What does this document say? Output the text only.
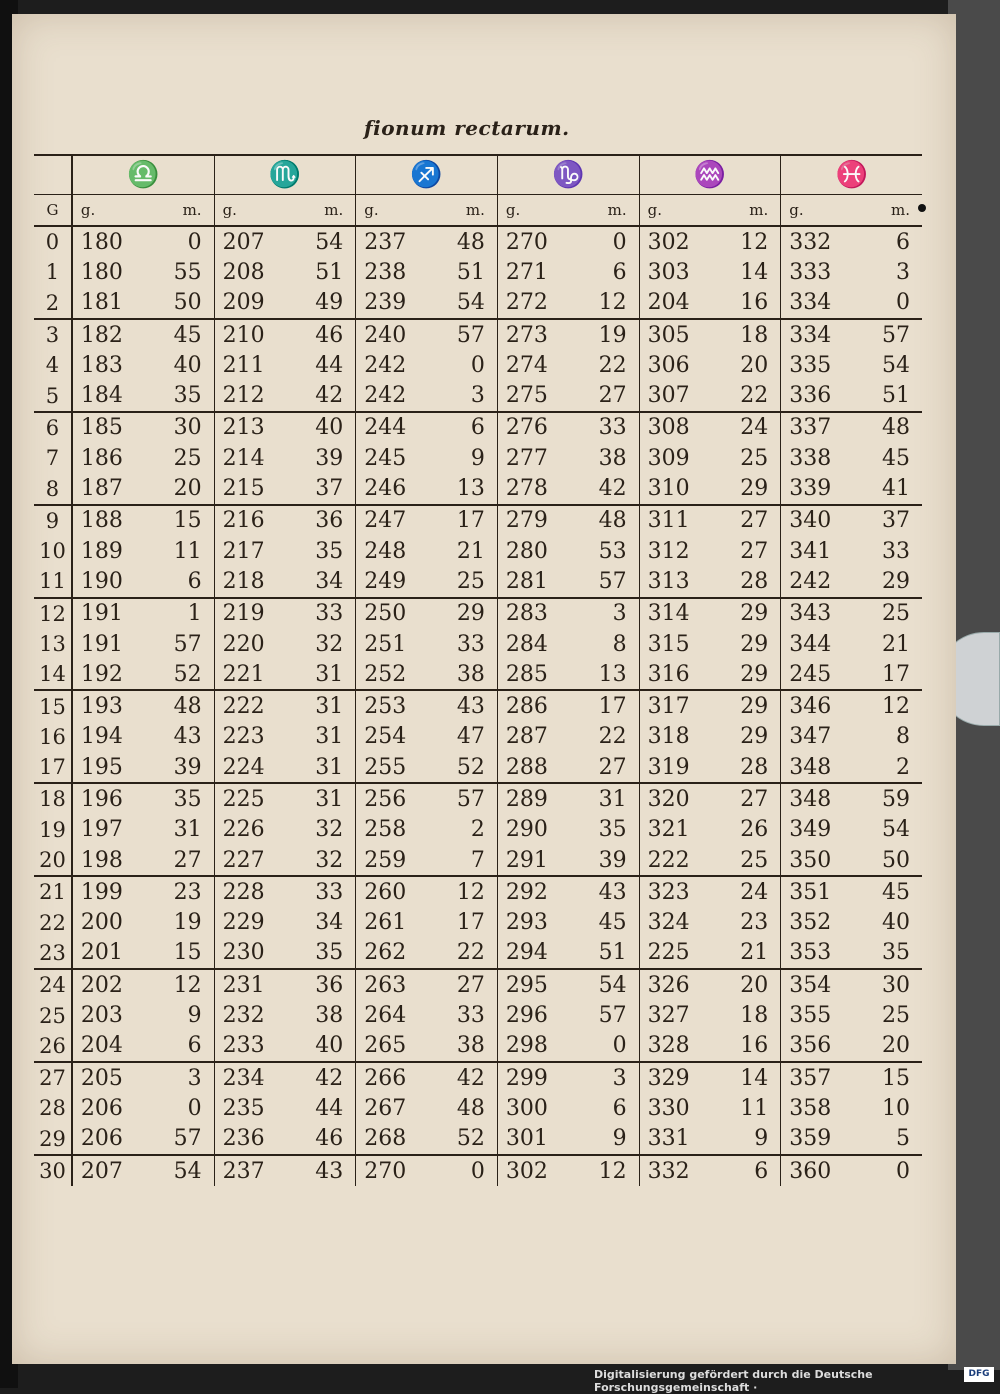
fionum rectarum.
	♎		♏		♐		♑		♒		♓	
G	g.	m.	g.	m.	g.	m.	g.	m.	g.	m.	g.	m.
0	180	0	207	54	237	48	270	0	302	12	332	6
1	180	55	208	51	238	51	271	6	303	14	333	3
2	181	50	209	49	239	54	272	12	204	16	334	0
3	182	45	210	46	240	57	273	19	305	18	334	57
4	183	40	211	44	242	0	274	22	306	20	335	54
5	184	35	212	42	242	3	275	27	307	22	336	51
6	185	30	213	40	244	6	276	33	308	24	337	48
7	186	25	214	39	245	9	277	38	309	25	338	45
8	187	20	215	37	246	13	278	42	310	29	339	41
9	188	15	216	36	247	17	279	48	311	27	340	37
10	189	11	217	35	248	21	280	53	312	27	341	33
11	190	6	218	34	249	25	281	57	313	28	242	29
12	191	1	219	33	250	29	283	3	314	29	343	25
13	191	57	220	32	251	33	284	8	315	29	344	21
14	192	52	221	31	252	38	285	13	316	29	245	17
15	193	48	222	31	253	43	286	17	317	29	346	12
16	194	43	223	31	254	47	287	22	318	29	347	8
17	195	39	224	31	255	52	288	27	319	28	348	2
18	196	35	225	31	256	57	289	31	320	27	348	59
19	197	31	226	32	258	2	290	35	321	26	349	54
20	198	27	227	32	259	7	291	39	222	25	350	50
21	199	23	228	33	260	12	292	43	323	24	351	45
22	200	19	229	34	261	17	293	45	324	23	352	40
23	201	15	230	35	262	22	294	51	225	21	353	35
24	202	12	231	36	263	27	295	54	326	20	354	30
25	203	9	232	38	264	33	296	57	327	18	355	25
26	204	6	233	40	265	38	298	0	328	16	356	20
27	205	3	234	42	266	42	299	3	329	14	357	15
28	206	0	235	44	267	48	300	6	330	11	358	10
29	206	57	236	46	268	52	301	9	331	9	359	5
30	207	54	237	43	270	0	302	12	332	6	360	0
Digitalisierung gefördert durch die Deutsche Forschungsgemeinschaft ·
DFG
